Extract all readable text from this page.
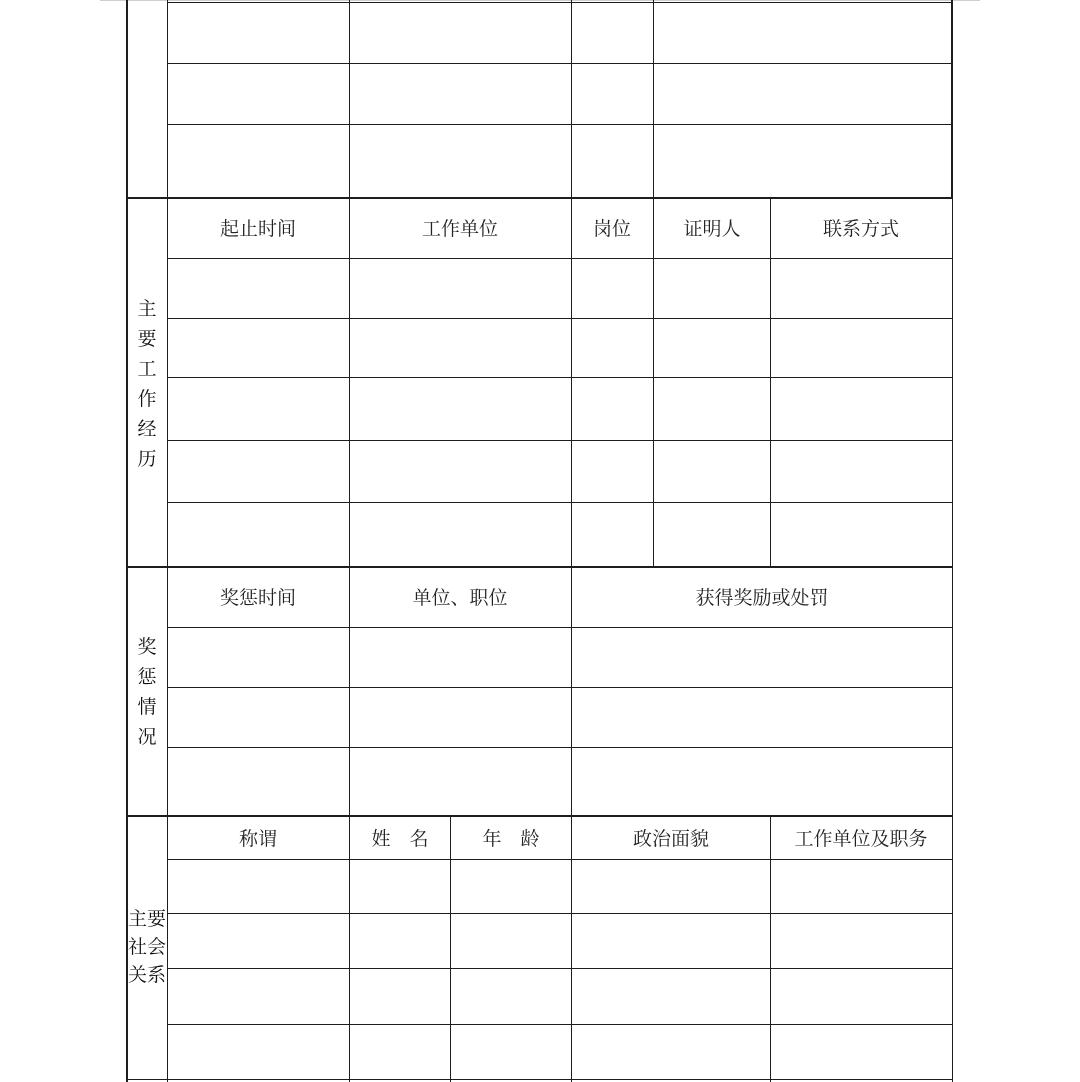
起止时间	工作单位	岗位	证明人	联系方式
主
要
工
作
经
历
奖惩时间	单位、职位	获得奖励或处罚
奖
惩
情
况
称谓	姓　名	年　龄	政治面貌	工作单位及职务
主要
社会
关系
